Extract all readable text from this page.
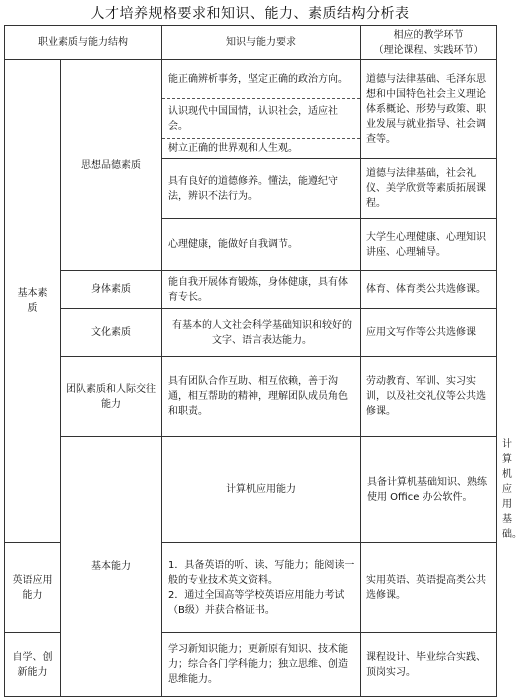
人才培养规格要求和知识、能力、素质结构分析表
职业素质与能力结构		知识与能力要求	相应的教学环节
（理论课程、实践环节）	

基本素质	思想品德素质	能正确辨析事务，坚定正确的政治方向。	道德与法律基础、毛泽东思想和中国特色社会主义理论体系概论、形势与政策、职业发展与就业指导、社会调查等。	
		认识现代中国国情，认识社会，适应社会。		
		树立正确的世界观和人生观。		
		具有良好的道德修养。懂法，能遵纪守法，辨识不法行为。	道德与法律基础，社会礼仪、美学欣赏等素质拓展课程。	
		心理健康，能做好自我调节。	大学生心理健康、心理知识讲座、心理辅导。	
	身体素质	能自我开展体育锻炼，身体健康，具有体育专长。	体育、体育类公共选修课。	
	文化素质	有基本的人文社会科学基础知识和较好的文字、语言表达能力。	应用文写作等公共选修课	
	团队素质和人际交往能力	具有团队合作互助、相互依赖，善于沟通，相互帮助的精神，理解团队成员角色和职责。	劳动教育、军训、实习实训，以及社交礼仪等公共选修课。	
	基本能力	计算机应用能力	具备计算机基础知识、熟练使用 Office 办公软件。	计算机应用基础。
英语应用能力		1．具备英语的听、读、写能力；能阅读一般的专业技术英文资料。
2．通过全国高等学校英语应用能力考试（B级）并获合格证书。	实用英语、英语提高类公共选修课。	
自学、创新能力		学习新知识能力；更新原有知识、技术能力；综合各门学科能力；独立思维、创造思维能力。	课程设计、毕业综合实践、顶岗实习。	
